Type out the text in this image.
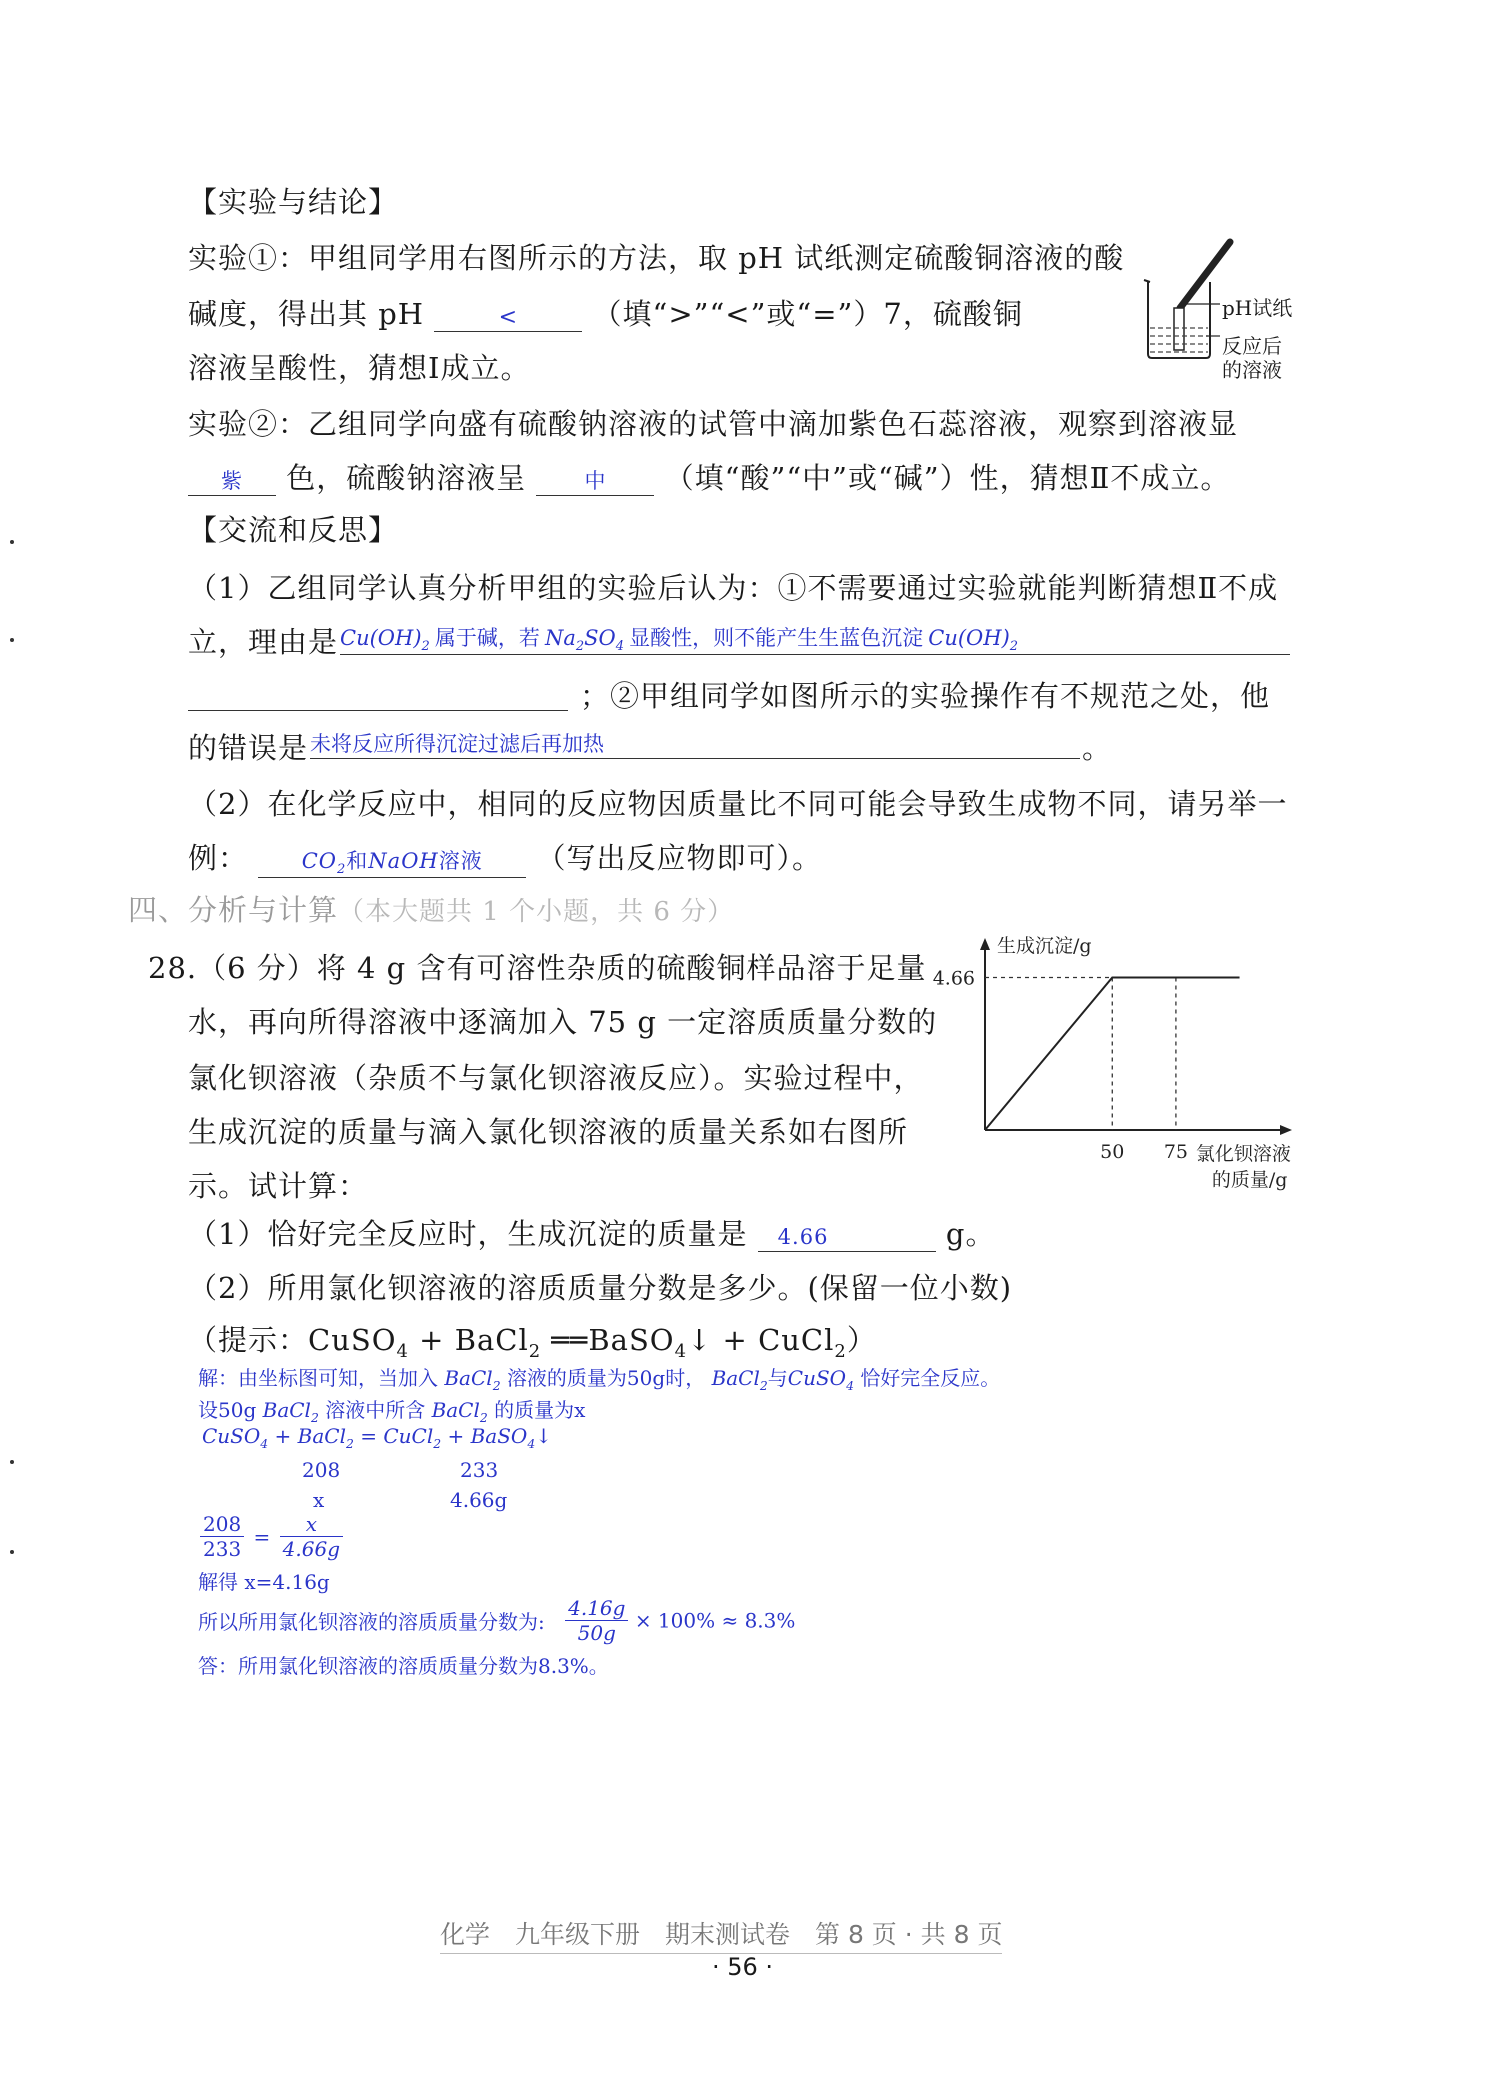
【实验与结论】
实验①：甲组同学用右图所示的方法，取 pH 试纸测定硫酸铜溶液的酸
碱度，得出其 pH	<	（填“>”“<”或“=”）7，硫酸铜
溶液呈酸性，猜想Ⅰ成立。
pH试纸
反应后
的溶液
实验②：乙组同学向盛有硫酸钠溶液的试管中滴加紫色石蕊溶液，观察到溶液显
紫 色，硫酸钠溶液呈	中 （填“酸”“中”或“碱”）性，猜想Ⅱ不成立。
【交流和反思】
（1）乙组同学认真分析甲组的实验后认为：①不需要通过实验就能判断猜想Ⅱ不成
立，理由是 $Cu(OH)_2$ 属于碱，若 $Na_2SO_4$ 显酸性，则不能产生生蓝色沉淀 $Cu(OH)_2$
；②甲组同学如图所示的实验操作有不规范之处，他
的错误是 未将反应所得沉淀过滤后再加热	。
（2）在化学反应中，相同的反应物因质量比不同可能会导致生成物不同，请另举一
例：	$CO_2$和NaOH溶液 （写出反应物即可）。
四、分析与计算（本大题共 1 个小题，共 6 分）
28.（6 分）将 4 g 含有可溶性杂质的硫酸铜样品溶于足量
水，再向所得溶液中逐滴加入 75 g 一定溶质质量分数的
氯化钡溶液（杂质不与氯化钡溶液反应）。实验过程中，
生成沉淀的质量与滴入氯化钡溶液的质量关系如右图所
示。试计算：
生成沉淀/g
4.66
50 75 氯化钡溶液
的质量/g
（1）恰好完全反应时，生成沉淀的质量是 4.66	g。
（2）所用氯化钡溶液的溶质质量分数是多少。(保留一位小数)
（提示：CuSO$_4$ + BaCl$_2$ ══BaSO$_4$↓ + CuCl$_2$）
解：由坐标图可知，当加入 BaCl$_2$ 溶液的质量为50g时， BaCl$_2$与CuSO$_4$ 恰好完全反应。
设50g BaCl$_2$ 溶液中所含 BaCl$_2$ 的质量为x
CuSO$_4$ + BaCl$_2$ = CuCl$_2$ + BaSO$_4$↓
208	233
x	4.66g
$\frac{208}{233} = \frac{x}{4.66g}$
解得 x=4.16g
所以所用氯化钡溶液的溶质质量分数为: $\frac{4.16g}{50g} \times 100\% \approx 8.3\%$
答：所用氯化钡溶液的溶质质量分数为8.3%。
化学　九年级下册　期末测试卷　第 8 页 · 共 8 页
· 56 ·
